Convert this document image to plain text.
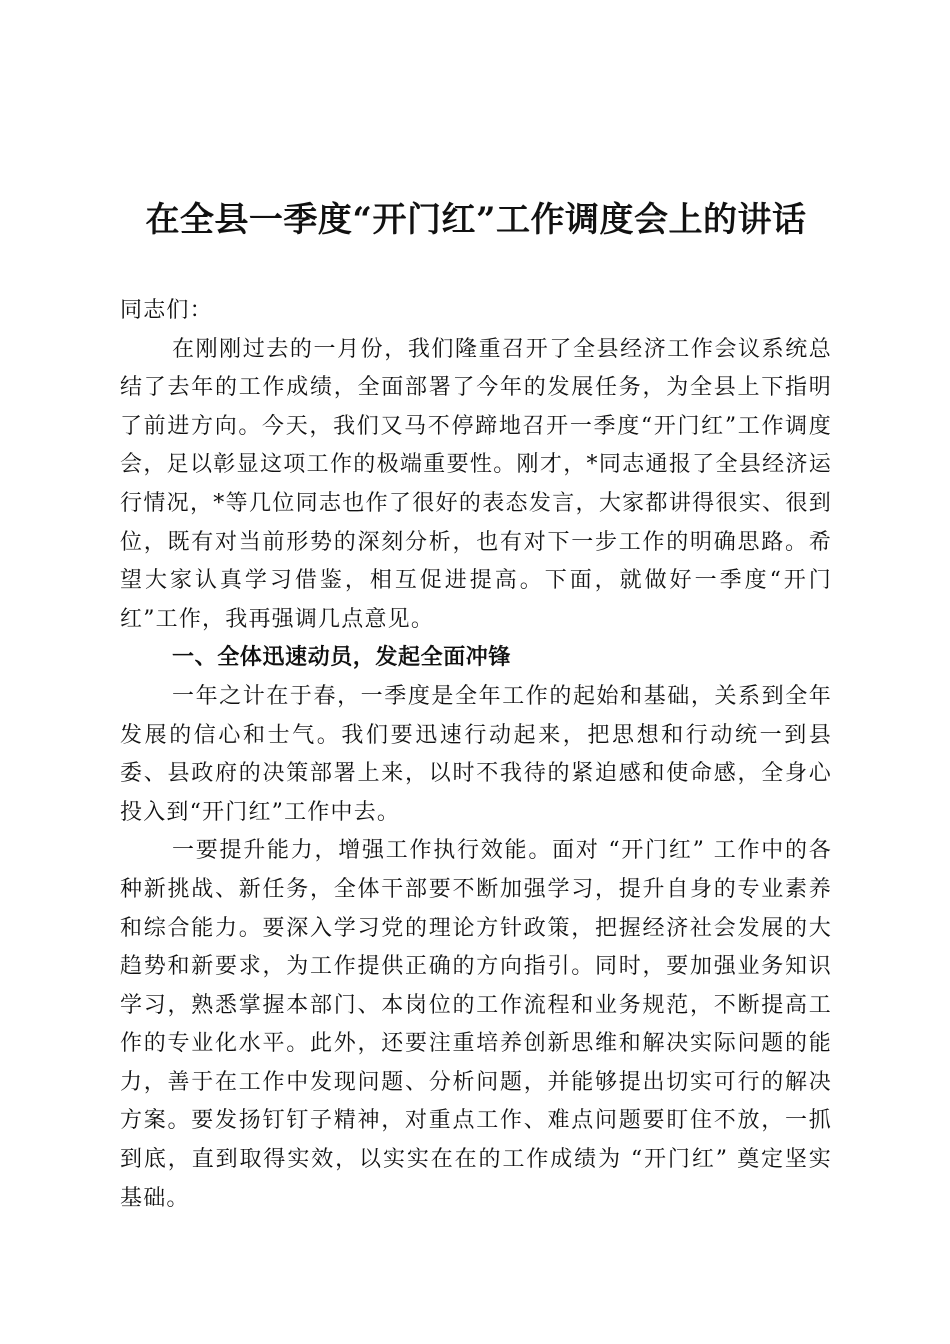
在全县一季度“开门红”工作调度会上的讲话

同志们：

在刚刚过去的一月份，我们隆重召开了全县经济工作会议系统总结了去年的工作成绩，全面部署了今年的发展任务，为全县上下指明了前进方向。今天，我们又马不停蹄地召开一季度“开门红”工作调度会，足以彰显这项工作的极端重要性。刚才，*同志通报了全县经济运行情况，*等几位同志也作了很好的表态发言，大家都讲得很实、很到位，既有对当前形势的深刻分析，也有对下一步工作的明确思路。希望大家认真学习借鉴，相互促进提高。下面，就做好一季度“开门红”工作，我再强调几点意见。

一、全体迅速动员，发起全面冲锋

一年之计在于春，一季度是全年工作的起始和基础，关系到全年发展的信心和士气。我们要迅速行动起来，把思想和行动统一到县委、县政府的决策部署上来，以时不我待的紧迫感和使命感，全身心投入到“开门红”工作中去。

一要提升能力，增强工作执行效能。面对 “开门红” 工作中的各种新挑战、新任务，全体干部要不断加强学习，提升自身的专业素养和综合能力。要深入学习党的理论方针政策，把握经济社会发展的大趋势和新要求，为工作提供正确的方向指引。同时，要加强业务知识学习，熟悉掌握本部门、本岗位的工作流程和业务规范，不断提高工作的专业化水平。此外，还要注重培养创新思维和解决实际问题的能力，善于在工作中发现问题、分析问题，并能够提出切实可行的解决方案。要发扬钉钉子精神，对重点工作、难点问题要盯住不放，一抓到底，直到取得实效，以实实在在的工作成绩为 “开门红” 奠定坚实基础。
